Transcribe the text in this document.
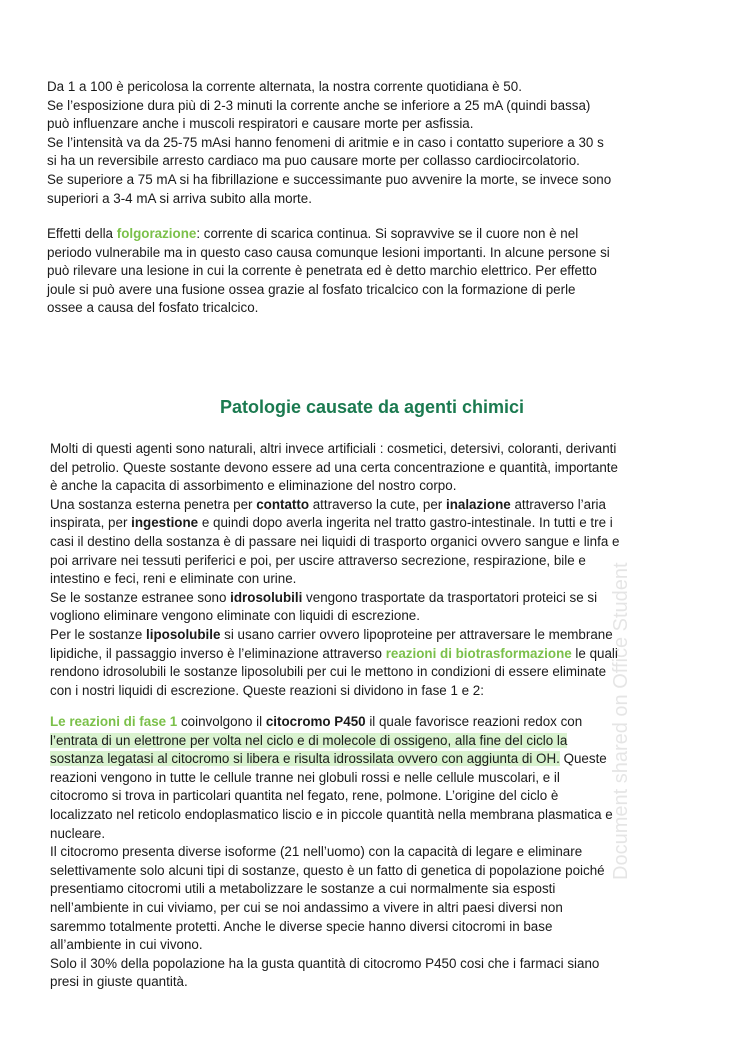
Da 1 a 100 è pericolosa la corrente alternata, la nostra corrente quotidiana è 50.
Se l’esposizione dura più di 2-3 minuti la corrente anche se inferiore a 25 mA (quindi bassa)
può influenzare anche i muscoli respiratori e causare morte per asfissia.
Se l’intensità va da 25-75 mAsi hanno fenomeni di aritmie e in caso i contatto superiore a 30 s
si ha un reversibile arresto cardiaco ma puo causare morte per collasso cardiocircolatorio.
Se superiore a 75 mA si ha fibrillazione e successimante puo avvenire la morte, se invece sono
superiori a 3-4 mA si arriva subito alla morte.
Effetti della folgorazione: corrente di scarica continua. Si sopravvive se il cuore non è nel
periodo vulnerabile ma in questo caso causa comunque lesioni importanti. In alcune persone si
può rilevare una lesione in cui la corrente è penetrata ed è detto marchio elettrico. Per effetto
joule si può avere una fusione ossea grazie al fosfato tricalcico con la formazione di perle
ossee a causa del fosfato tricalcico.
Patologie causate da agenti chimici
Molti di questi agenti sono naturali, altri invece artificiali : cosmetici, detersivi, coloranti, derivanti
del petrolio. Queste sostante devono essere ad una certa concentrazione e quantità, importante
è anche la capacita di assorbimento e eliminazione del nostro corpo.
Una sostanza esterna penetra per contatto attraverso la cute, per inalazione attraverso l’aria
inspirata, per ingestione e quindi dopo averla ingerita nel tratto gastro-intestinale. In tutti e tre i
casi il destino della sostanza è di passare nei liquidi di trasporto organici ovvero sangue e linfa e
poi arrivare nei tessuti periferici e poi, per uscire attraverso secrezione, respirazione, bile e
intestino e feci, reni e eliminate con urine.
Se le sostanze estranee sono idrosolubili vengono trasportate da trasportatori proteici se si
vogliono eliminare vengono eliminate con liquidi di escrezione.
Per le sostanze liposolubile si usano carrier ovvero lipoproteine per attraversare le membrane
lipidiche, il passaggio inverso è l’eliminazione attraverso reazioni di biotrasformazione le quali
rendono idrosolubili le sostanze liposolubili per cui le mettono in condizioni di essere eliminate
con i nostri liquidi di escrezione. Queste reazioni si dividono in fase 1 e 2:
Le reazioni di fase 1 coinvolgono il citocromo P450 il quale favorisce reazioni redox con
l’entrata di un elettrone per volta nel ciclo e di molecole di ossigeno, alla fine del ciclo la
sostanza legatasi al citocromo si libera e risulta idrossilata ovvero con aggiunta di OH. Queste
reazioni vengono in tutte le cellule tranne nei globuli rossi e nelle cellule muscolari, e il
citocromo si trova in particolari quantita nel fegato, rene, polmone. L’origine del ciclo è
localizzato nel reticolo endoplasmatico liscio e in piccole quantità nella membrana plasmatica e
nucleare.
Il citocromo presenta diverse isoforme (21 nell’uomo) con la capacità di legare e eliminare
selettivamente solo alcuni tipi di sostanze, questo è un fatto di genetica di popolazione poiché
presentiamo citocromi utili a metabolizzare le sostanze a cui normalmente sia esposti
nell’ambiente in cui viviamo, per cui se noi andassimo a vivere in altri paesi diversi non
saremmo totalmente protetti. Anche le diverse specie hanno diversi citocromi in base
all’ambiente in cui vivono.
Solo il 30% della popolazione ha la gusta quantità di citocromo P450 cosi che i farmaci siano
presi in giuste quantità.
Document shared on Office Student
